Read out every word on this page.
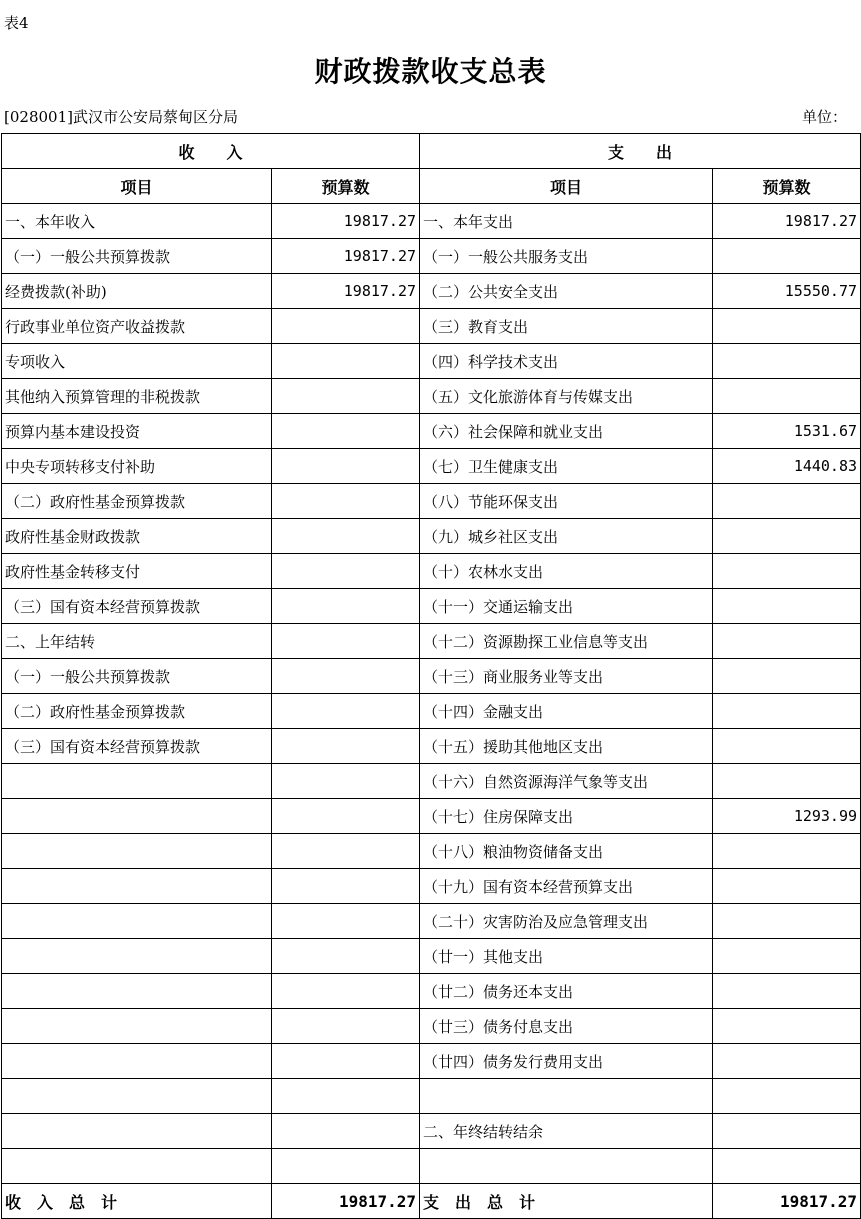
表4
财政拨款收支总表
[028001]武汉市公安局蔡甸区分局	单位：
收　　入		支　　出	
项目	预算数	项目	预算数
一、本年收入	19817.27	一、本年支出	19817.27
（一）一般公共预算拨款	19817.27	（一）一般公共服务支出	
经费拨款(补助)	19817.27	（二）公共安全支出	15550.77
行政事业单位资产收益拨款		（三）教育支出	
专项收入		（四）科学技术支出	
其他纳入预算管理的非税拨款		（五）文化旅游体育与传媒支出	
预算内基本建设投资		（六）社会保障和就业支出	1531.67
中央专项转移支付补助		（七）卫生健康支出	1440.83
（二）政府性基金预算拨款		（八）节能环保支出	
政府性基金财政拨款		（九）城乡社区支出	
政府性基金转移支付		（十）农林水支出	
（三）国有资本经营预算拨款		（十一）交通运输支出	
二、上年结转		（十二）资源勘探工业信息等支出	
（一）一般公共预算拨款		（十三）商业服务业等支出	
（二）政府性基金预算拨款		（十四）金融支出	
（三）国有资本经营预算拨款		（十五）援助其他地区支出	
		（十六）自然资源海洋气象等支出	
		（十七）住房保障支出	1293.99
		（十八）粮油物资储备支出	
		（十九）国有资本经营预算支出	
		（二十）灾害防治及应急管理支出	
		（廿一）其他支出	
		（廿二）债务还本支出	
		（廿三）债务付息支出	
		（廿四）债务发行费用支出	

		二、年终结转结余	

收　入　总　计	19817.27	支　出　总　计	19817.27
